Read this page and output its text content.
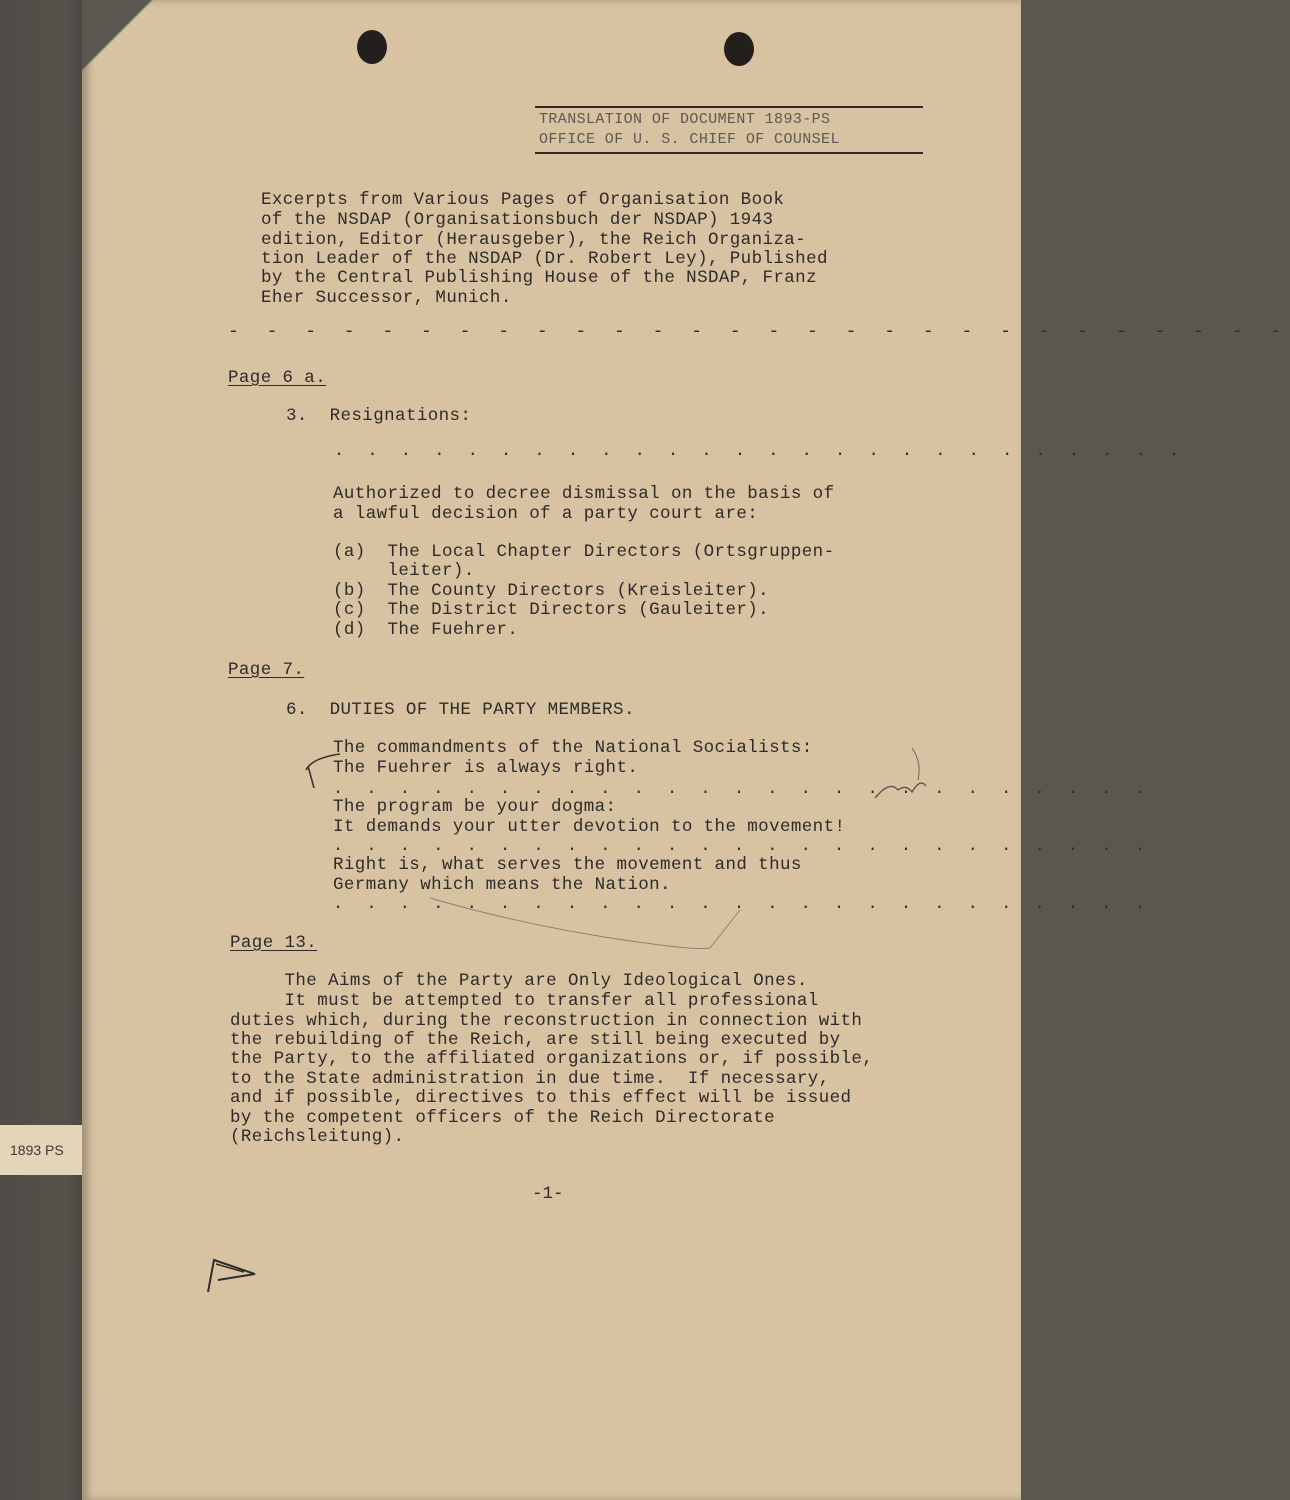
TRANSLATION OF DOCUMENT 1893-PS
OFFICE OF U. S. CHIEF OF COUNSEL
Excerpts from Various Pages of Organisation Book
of the NSDAP (Organisationsbuch der NSDAP) 1943
edition, Editor (Herausgeber), the Reich Organiza-
tion Leader of the NSDAP (Dr. Robert Ley), Published
by the Central Publishing House of the NSDAP, Franz
Eher Successor, Munich.
- - - - - - - - - - - - - - - - - - - - - - - - - - - -
Page 6 a.
3.  Resignations:
. . . . . . . . . . . . . . . . . . . . . . . . . .
Authorized to decree dismissal on the basis of
a lawful decision of a party court are:
(a)  The Local Chapter Directors (Ortsgruppen-
leiter).
(b)  The County Directors (Kreisleiter).
(c)  The District Directors (Gauleiter).
(d)  The Fuehrer.
Page 7.
6.  DUTIES OF THE PARTY MEMBERS.
The commandments of the National Socialists:
The Fuehrer is always right.
. . . . . . . . . . . . . . . . . . . . . . . . .
The program be your dogma:
It demands your utter devotion to the movement!
. . . . . . . . . . . . . . . . . . . . . . . . .
Right is, what serves the movement and thus
Germany which means the Nation.
. . . . . . . . . . . . . . . . . . . . . . . . .
Page 13.
The Aims of the Party are Only Ideological Ones.
It must be attempted to transfer all professional
duties which, during the reconstruction in connection with
the rebuilding of the Reich, are still being executed by
the Party, to the affiliated organizations or, if possible,
to the State administration in due time.  If necessary,
and if possible, directives to this effect will be issued
by the competent officers of the Reich Directorate
(Reichsleitung).
-1-
1893 PS
